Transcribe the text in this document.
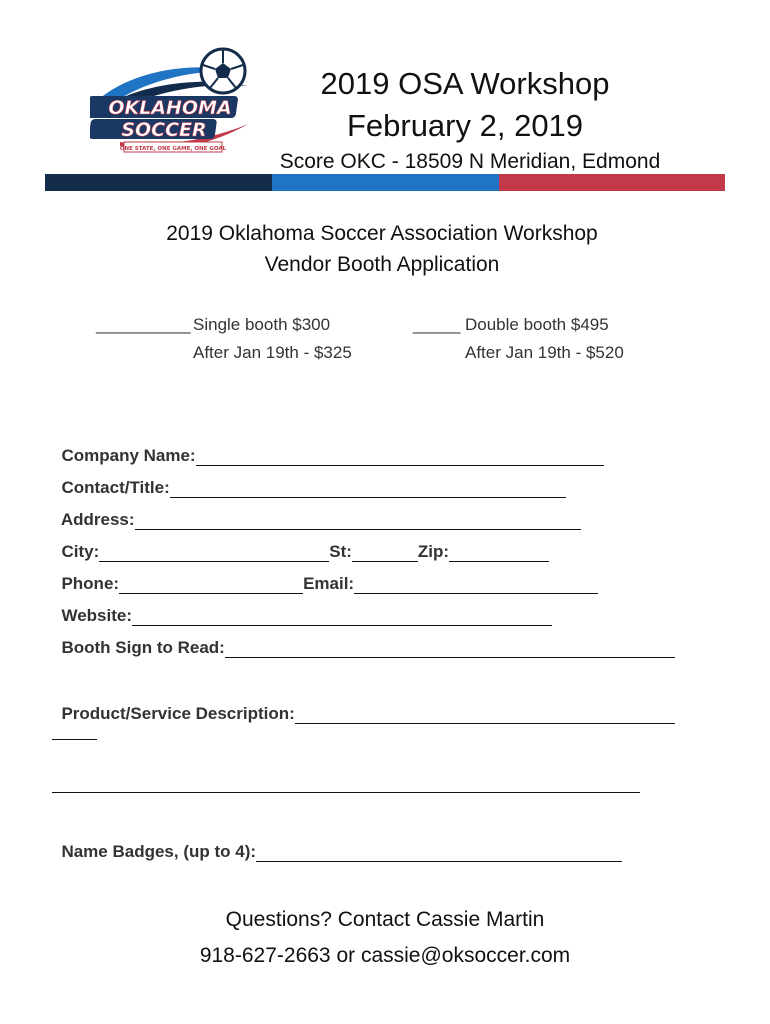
OKLAHOMA
SOCCER
ONE STATE, ONE GAME, ONE GOAL
2019 OSA Workshop
February 2, 2019
Score OKC - 18509 N Meridian, Edmond
2019 Oklahoma Soccer Association Workshop
Vendor Booth Application
__________ Single booth $300
After Jan 19th - $325
_____ Double booth $495
After Jan 19th - $520

Company Name:

Contact/Title:

Address:

City:	St:	Zip:

Phone:	Email:

Website:

Booth Sign to Read:

Product/Service Description:

Name Badges, (up to 4):

Questions? Contact Cassie Martin
918-627-2663 or cassie@oksoccer.com
